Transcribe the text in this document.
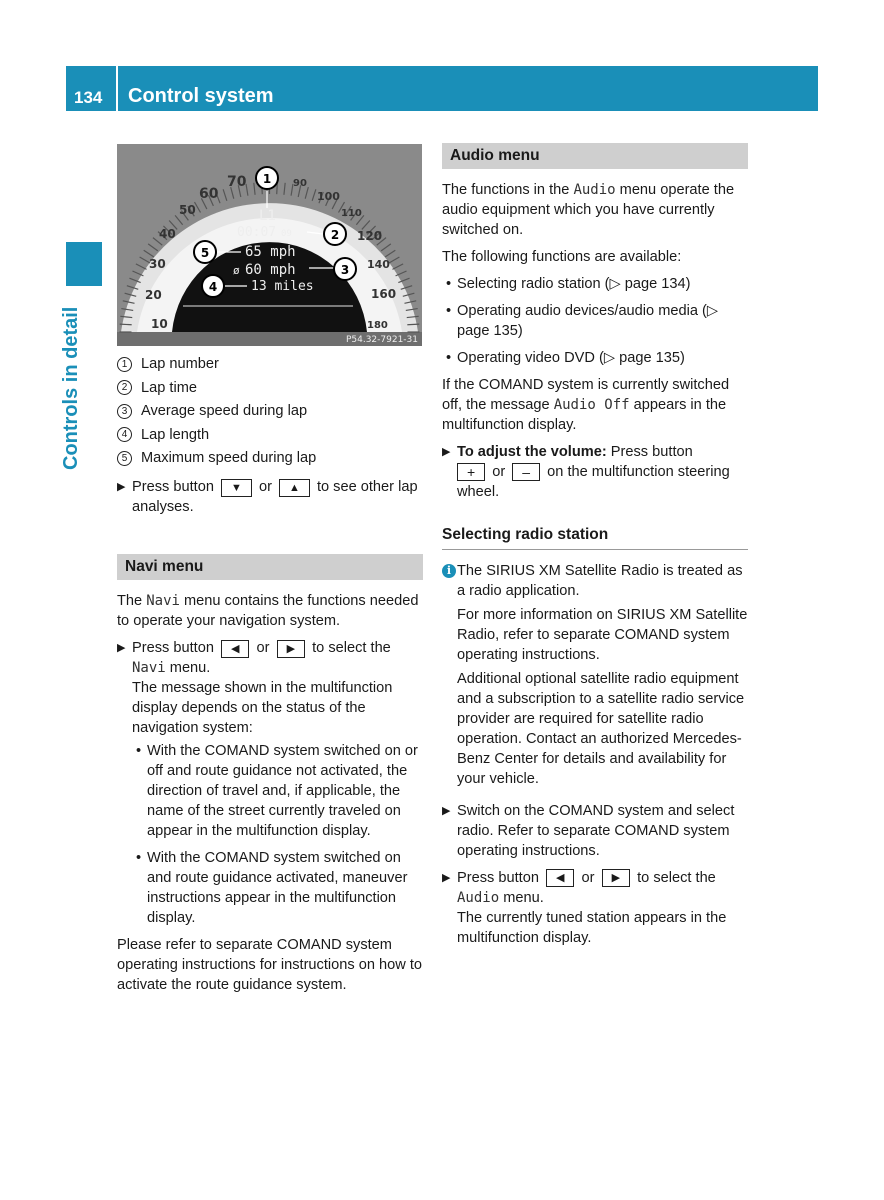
134 Control system
Controls in detail	10
20
30
40
50
60
70	90
100
110
120
140
160
180
L1
00:07 09
65 mph
ø 60 mph
13 miles
1
2
3
4
5
P54.32-7921-31
1 Lap number
2 Lap time
3 Average speed during lap
4 Lap length
5 Maximum speed during lap
▶ Press button ▼ or ▲ to see other lap analyses.
Navi menu

The Navi menu contains the functions needed to operate your navigation system.

▶ Press button ◀ or ▶ to select the Navi menu.
The message shown in the multifunction display depends on the status of the navigation system:
• With the COMAND system switched on or off and route guidance not activated, the direction of travel and, if applicable, the name of the street currently traveled on appear in the multifunction display.
• With the COMAND system switched on and route guidance activated, maneuver instructions appear in the multifunction display.

Please refer to separate COMAND system operating instructions for instructions on how to activate the route guidance system.

Audio menu

The functions in the Audio menu operate the audio equipment which you have currently switched on.

The following functions are available:

• Selecting radio station (▷ page 134)
• Operating audio devices/audio media (▷ page 135)
• Operating video DVD (▷ page 135)

If the COMAND system is currently switched off, the message Audio Off appears in the multifunction display.

▶ To adjust the volume: Press button
+ or – on the multifunction steering wheel.
Selecting radio station
i The SIRIUS XM Satellite Radio is treated as a radio application.

For more information on SIRIUS XM Satellite Radio, refer to separate COMAND system operating instructions.

Additional optional satellite radio equipment and a subscription to a satellite radio service provider are required for satellite radio operation. Contact an authorized Mercedes-Benz Center for details and availability for your vehicle.

▶ Switch on the COMAND system and select radio. Refer to separate COMAND system operating instructions.
▶ Press button ◀ or ▶ to select the Audio menu.
The currently tuned station appears in the multifunction display.
